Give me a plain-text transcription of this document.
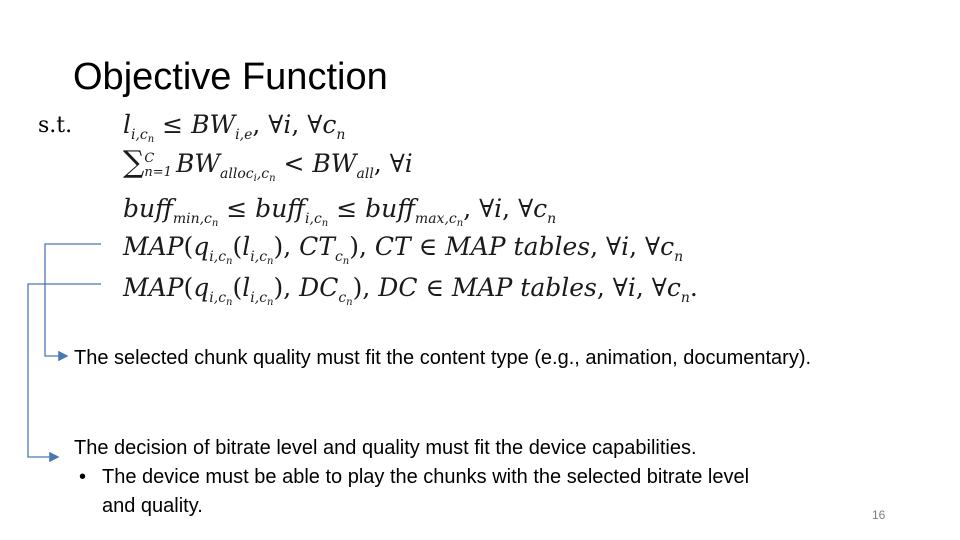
Objective Function
s.t. $l_{i,c_n} \le BW_{i,e}$, ∀i, $\forall c_n$
∑C
n=1 $BW_{alloc_i,c_n} < BW_{all}$, ∀i
buff$_{min,c_n}$ ≤ buff$_{i,c_n}$ ≤ buff$_{max,c_n}$, ∀i, $\forall c_n$
$MAP(q_{i,c_n}(l_{i,c_n})$, $CT_{c_n}$), CT ∈ MAP tables, ∀i, $\forall c_n$
$MAP(q_{i,c_n}(l_{i,c_n})$, $DC_{c_n}$), DC ∈ MAP tables, ∀i, $\forall c_n$.
The selected chunk quality must fit the content type (e.g., animation, documentary).
The decision of bitrate level and quality must fit the device capabilities.
• The device must be able to play the chunks with the selected bitrate level
and quality.	16
